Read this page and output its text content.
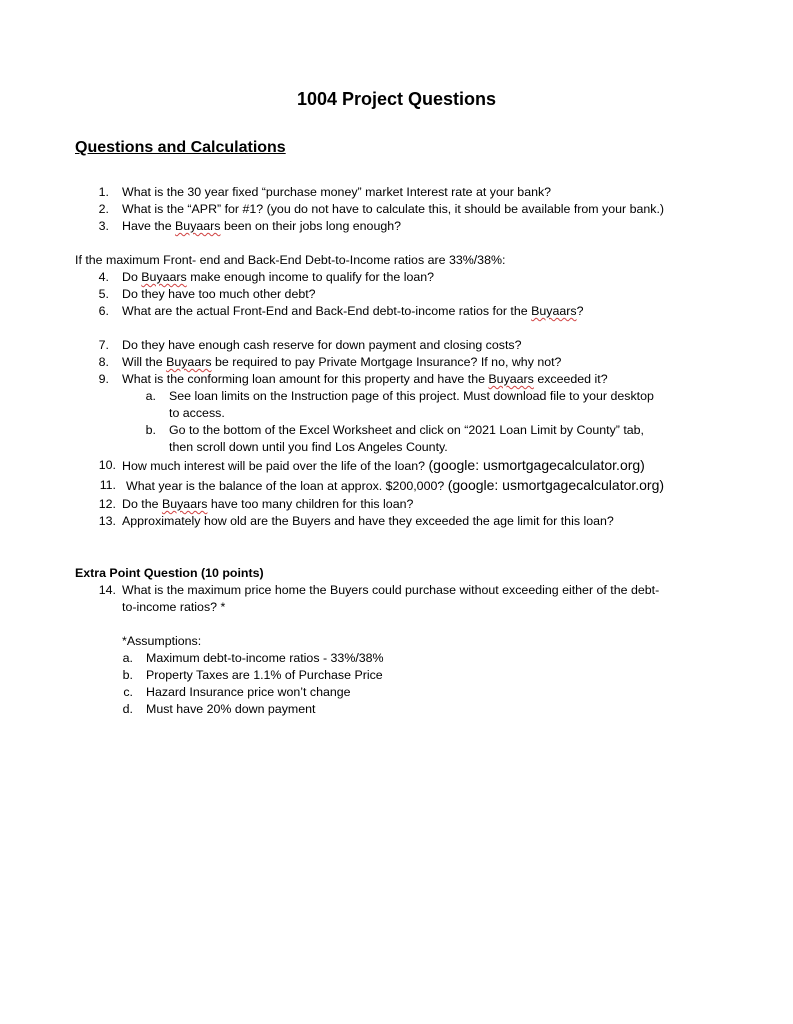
1004 Project Questions
Questions and Calculations
1. What is the 30 year fixed “purchase money” market Interest rate at your bank?
2. What is the “APR” for #1? (you do not have to calculate this, it should be available from your bank.)
3. Have the Buyaars been on their jobs long enough?
If the maximum Front- end and Back-End Debt-to-Income ratios are 33%/38%:
4. Do Buyaars make enough income to qualify for the loan?
5. Do they have too much other debt?
6. What are the actual Front-End and Back-End debt-to-income ratios for the Buyaars?
7. Do they have enough cash reserve for down payment and closing costs?
8. Will the Buyaars be required to pay Private Mortgage Insurance? If no, why not?
9. What is the conforming loan amount for this property and have the Buyaars exceeded it?
a. See loan limits on the Instruction page of this project. Must download file to your desktop
to access.
b. Go to the bottom of the Excel Worksheet and click on “2021 Loan Limit by County” tab,
then scroll down until you find Los Angeles County.
10. How much interest will be paid over the life of the loan? (google: usmortgagecalculator.org)
11. What year is the balance of the loan at approx. $200,000? (google: usmortgagecalculator.org)
12. Do the Buyaars have too many children for this loan?
13. Approximately how old are the Buyers and have they exceeded the age limit for this loan?
Extra Point Question (10 points)
14. What is the maximum price home the Buyers could purchase without exceeding either of the debt-
to-income ratios? *
*Assumptions:
a. Maximum debt-to-income ratios - 33%/38%
b. Property Taxes are 1.1% of Purchase Price
c. Hazard Insurance price won’t change
d. Must have 20% down payment
